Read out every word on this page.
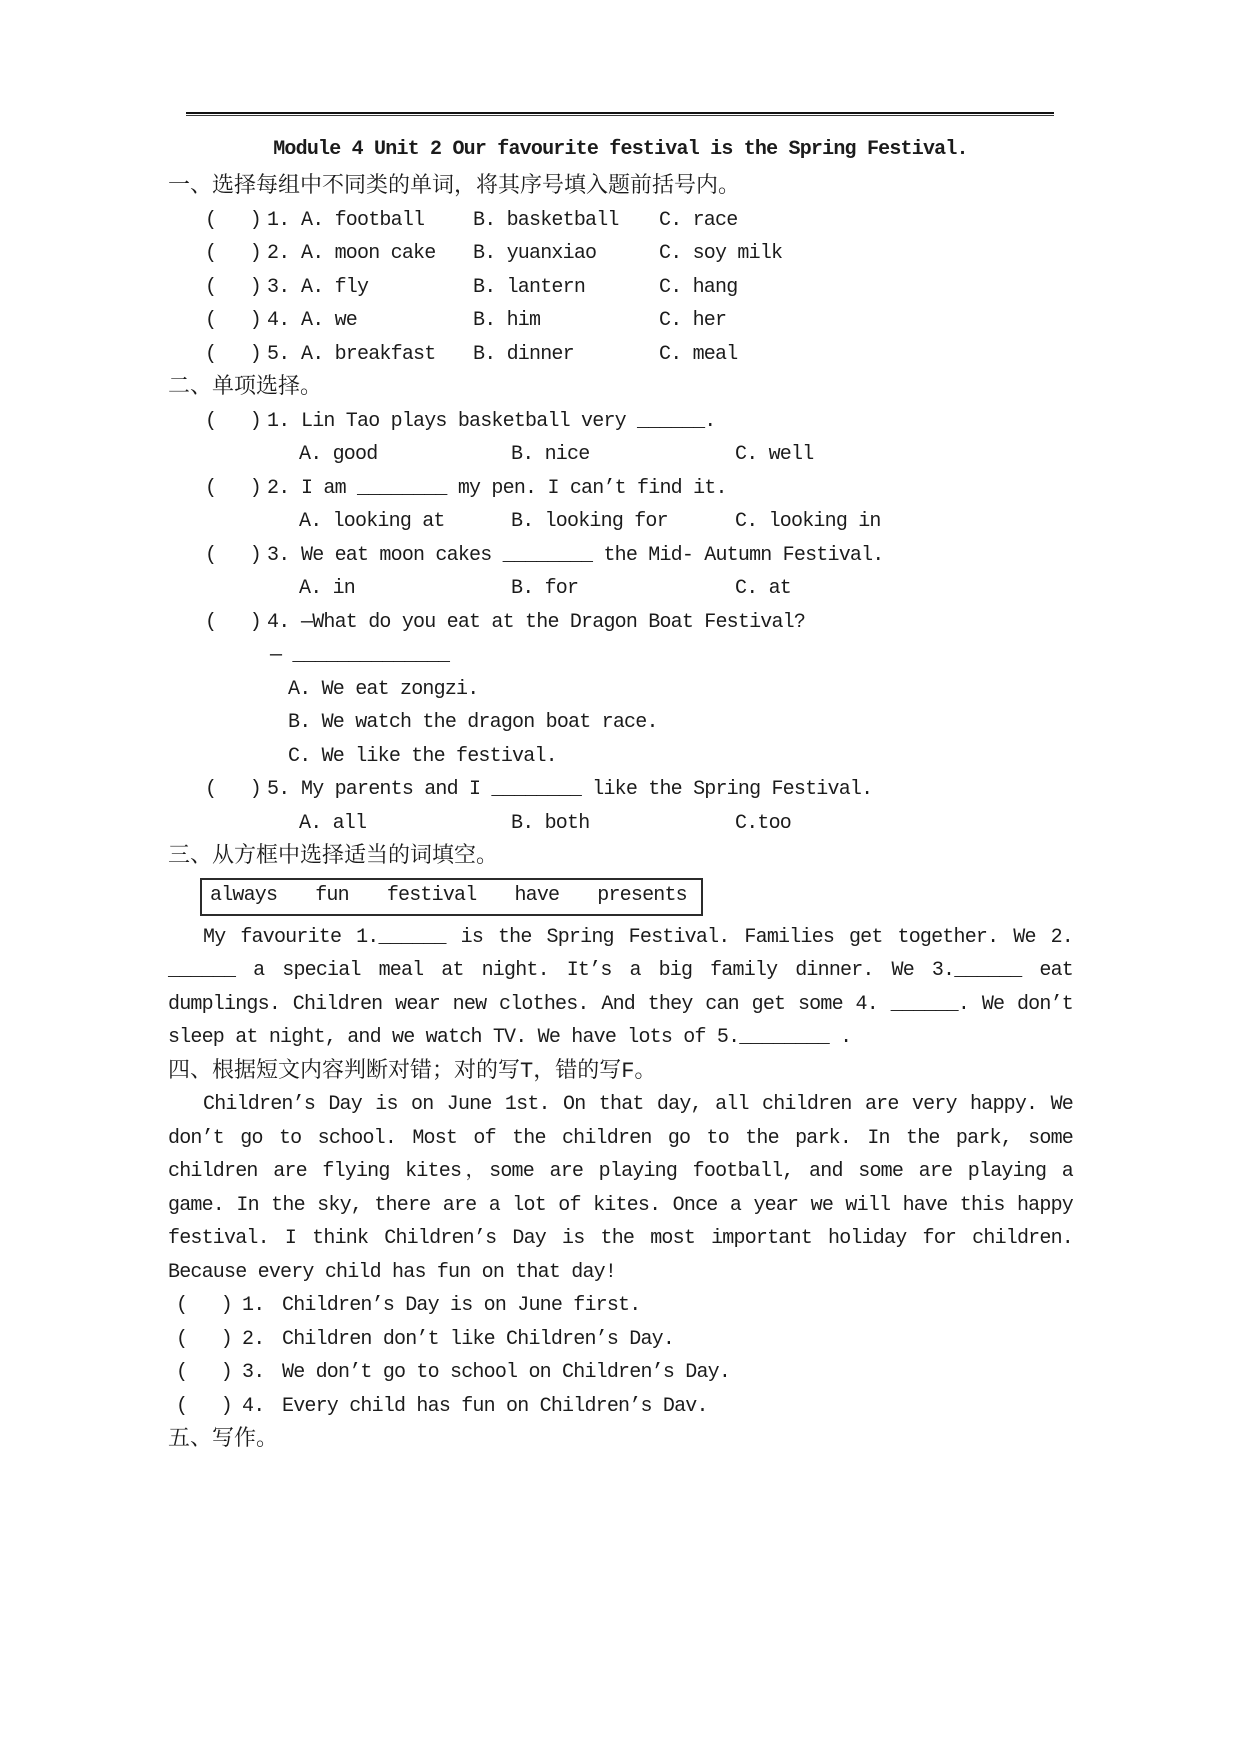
Module 4 Unit 2 Our favourite festival is the Spring Festival.
一、选择每组中不同类的单词，将其序号填入题前括号内。
(   ) 1. A. football	B. basketball	C. race
(   ) 2. A. moon cake	B. yuanxiao	C. soy milk
(   ) 3. A. fly	B. lantern	C. hang
(   ) 4. A. we	B. him	C. her
(   ) 5. A. breakfast	B. dinner	C. meal
二、单项选择。
(   ) 1. Lin Tao plays basketball very ______.
A. good	B. nice	C. well
(   ) 2. I am ________ my pen. I can’t find it.
A. looking at	B. looking for	C. looking in
(   ) 3. We eat moon cakes ________ the Mid- Autumn Festival.
A. in	B. for	C. at
(   ) 4. —What do you eat at the Dragon Boat Festival?
— ______________
A. We eat zongzi.
B. We watch the dragon boat race.
C. We like the festival.
(   ) 5. My parents and I ________ like the Spring Festival.
A. all	B. both	C.too
三、从方框中选择适当的词填空。
always fun festival have presents
My favourite 1.______ is the Spring Festival. Families get together. We 2.
______ a special meal at night. It’s a big family dinner. We 3.______ eat
dumplings. Children wear new clothes. And they can get some 4. ______. We don’t
sleep at night, and we watch TV. We have lots of 5.________ .
四、根据短文内容判断对错；对的写T，错的写F。
Children’s Day is on June 1st. On that day, all children are very happy. We
don’t go to school. Most of the children go to the park. In the park, some
children are flying kites，some are playing football, and some are playing a
game. In the sky, there are a lot of kites. Once a year we will have this happy
festival. I think Children’s Day is the most important holiday for children.
Because every child has fun on that day!
(   ) 1. Children’s Day is on June first.
(   ) 2. Children don’t like Children’s Day.
(   ) 3. We don’t go to school on Children’s Day.
(   ) 4. Every child has fun on Children’s Dav.
五、写作。
